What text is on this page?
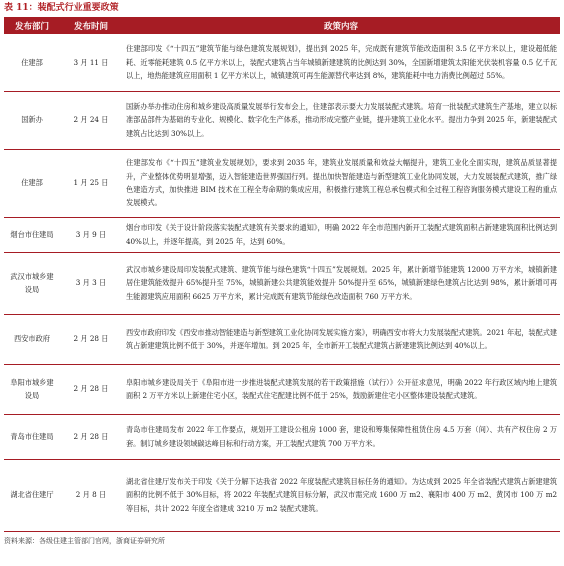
表 11：装配式行业重要政策
发布部门	发布时间	政策内容
住建部	3 月 11 日	住建部印发《“十四五”建筑节能与绿色建筑发展规划》，提出到 2025 年，完成既有建筑节能改造面积 3.5 亿平方米以上，建设超低能耗、近零能耗建筑 0.5 亿平方米以上，装配式建筑占当年城镇新建建筑的比例达到 30%，全国新增建筑太阳能光伏装机容量 0.5 亿千瓦以上，地热能建筑应用面积 1 亿平方米以上，城镇建筑可再生能源替代率达到 8%，建筑能耗中电力消费比例超过 55%。
国新办	2 月 24 日	国新办举办推动住房和城乡建设高质量发展举行发布会上，住建部表示要大力发展装配式建筑。培育一批装配式建筑生产基地，建立以标准部品部件为基础的专业化、规模化、数字化生产体系，推动形成完整产业链，提升建筑工业化水平。提出力争到 2025 年，新建装配式建筑占比达到 30%以上。
住建部	1 月 25 日	住建部发布《“十四五”建筑业发展规划》，要求到 2035 年，建筑业发展质量和效益大幅提升，建筑工业化全面实现，建筑品质显著提升，产业整体优势明显增强，迈入智能建造世界强国行列。提出加快智能建造与新型建筑工业化协同发展，大力发展装配式建筑，推广绿色建造方式，加快推进 BIM 技术在工程全寿命期的集成应用，积极推行建筑工程总承包模式和全过程工程咨询服务模式建设工程的重点发展模式。
烟台市住建局	3 月 9 日	烟台市印发《关于设计阶段落实装配式建筑有关要求的通知》，明确 2022 年全市范围内新开工装配式建筑面积占新建建筑面积比例达到 40%以上，并逐年提高，到 2025 年，达到 60%。
武汉市城乡建设局	3 月 3 日	武汉市城乡建设局印发装配式建筑、建筑节能与绿色建筑“十四五”发展规划。2025 年，累计新增节能建筑 12000 万平方米，城镇新建居住建筑能效提升 65%提升至 75%，城镇新建公共建筑能效提升 50%提升至 65%，城镇新建绿色建筑占比达到 98%，累计新增可再生能源建筑应用面积 6625 万平方米，累计完成既有建筑节能绿色改造面积 760 万平方米。
西安市政府	2 月 28 日	西安市政府印发《西安市推动智能建造与新型建筑工业化协同发展实施方案》，明确西安市将大力发展装配式建筑。2021 年起，装配式建筑占新建建筑比例不低于 30%，并逐年增加。到 2025 年，全市新开工装配式建筑占新建建筑比例达到 40%以上。
阜阳市城乡建设局	2 月 28 日	阜阳市城乡建设局关于《阜阳市进一步推进装配式建筑发展的若干政策措施（试行）》公开征求意见，明确 2022 年行政区域内地上建筑面积 2 万平方米以上新建住宅小区，装配式住宅配建比例不低于 25%，鼓励新建住宅小区整体建设装配式建筑。
青岛市住建局	2 月 28 日	青岛市住建局发布 2022 年工作要点，规划开工建设公租房 1000 套，建设和筹集保障性租赁住房 4.5 万套（间）、共有产权住房 2 万套。制订城乡建设领域碳达峰目标和行动方案，开工装配式建筑 700 万平方米。
湖北省住建厅	2 月 8 日	湖北省住建厅发布关于印发《关于分解下达我省 2022 年度装配式建筑目标任务的通知》。为达成到 2025 年全省装配式建筑占新建建筑面积的比例不低于 30%目标，将 2022 年装配式建筑目标分解，武汉市需完成 1600 万 m2、襄阳市 400 万 m2、黄冈市 100 万 m2 等目标，共计 2022 年度全省建成 3210 万 m2 装配式建筑。
资料来源：各级住建主管部门官网，浙商证券研究所
